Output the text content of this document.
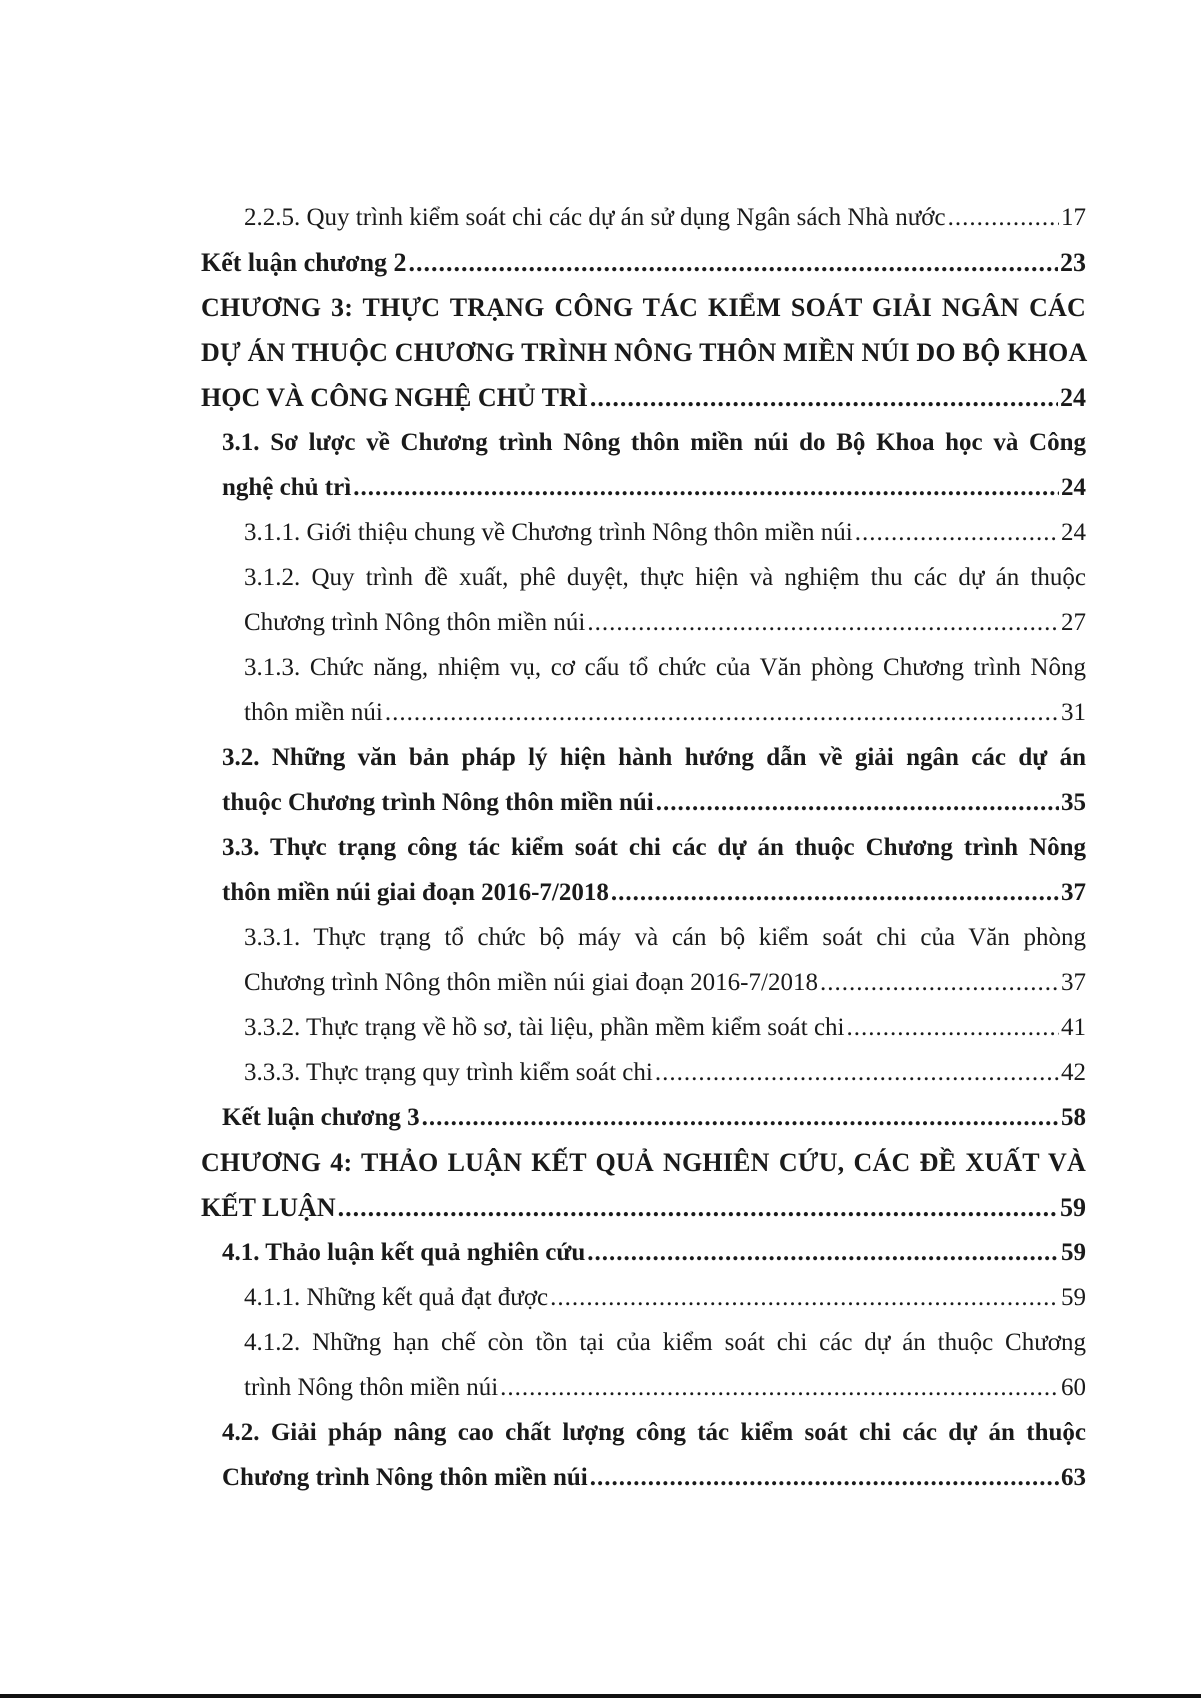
2.2.5. Quy trình kiểm soát chi các dự án sử dụng Ngân sách Nhà nước .....	17
Kết luận chương 2 .....	23
CHƯƠNG 3: THỰC TRẠNG CÔNG TÁC KIỂM SOÁT GIẢI NGÂN CÁC
DỰ ÁN THUỘC CHƯƠNG TRÌNH NÔNG THÔN MIỀN NÚI DO BỘ KHOA
HỌC VÀ CÔNG NGHỆ CHỦ TRÌ .....	24
3.1. Sơ lược về Chương trình Nông thôn miền núi do Bộ Khoa học và Công
nghệ chủ trì .....	24
3.1.1. Giới thiệu chung về Chương trình Nông thôn miền núi .....	24
3.1.2. Quy trình đề xuất, phê duyệt, thực hiện và nghiệm thu các dự án thuộc
Chương trình Nông thôn miền núi .....	27
3.1.3. Chức năng, nhiệm vụ, cơ cấu tổ chức của Văn phòng Chương trình Nông
thôn miền núi .....	31
3.2. Những văn bản pháp lý hiện hành hướng dẫn về giải ngân các dự án
thuộc Chương trình Nông thôn miền núi .....	35
3.3. Thực trạng công tác kiểm soát chi các dự án thuộc Chương trình Nông
thôn miền núi giai đoạn 2016-7/2018 .....	37
3.3.1. Thực trạng tổ chức bộ máy và cán bộ kiểm soát chi của Văn phòng
Chương trình Nông thôn miền núi giai đoạn 2016-7/2018 .....	37
3.3.2. Thực trạng về hồ sơ, tài liệu, phần mềm kiểm soát chi .....	41
3.3.3. Thực trạng quy trình kiểm soát chi .....	42
Kết luận chương 3 .....	58
CHƯƠNG 4: THẢO LUẬN KẾT QUẢ NGHIÊN CỨU, CÁC ĐỀ XUẤT VÀ
KẾT LUẬN .....	59
4.1. Thảo luận kết quả nghiên cứu .....	59
4.1.1. Những kết quả đạt được .....	59
4.1.2. Những hạn chế còn tồn tại của kiểm soát chi các dự án thuộc Chương
trình Nông thôn miền núi .....	60
4.2. Giải pháp nâng cao chất lượng công tác kiểm soát chi các dự án thuộc
Chương trình Nông thôn miền núi .....	63
